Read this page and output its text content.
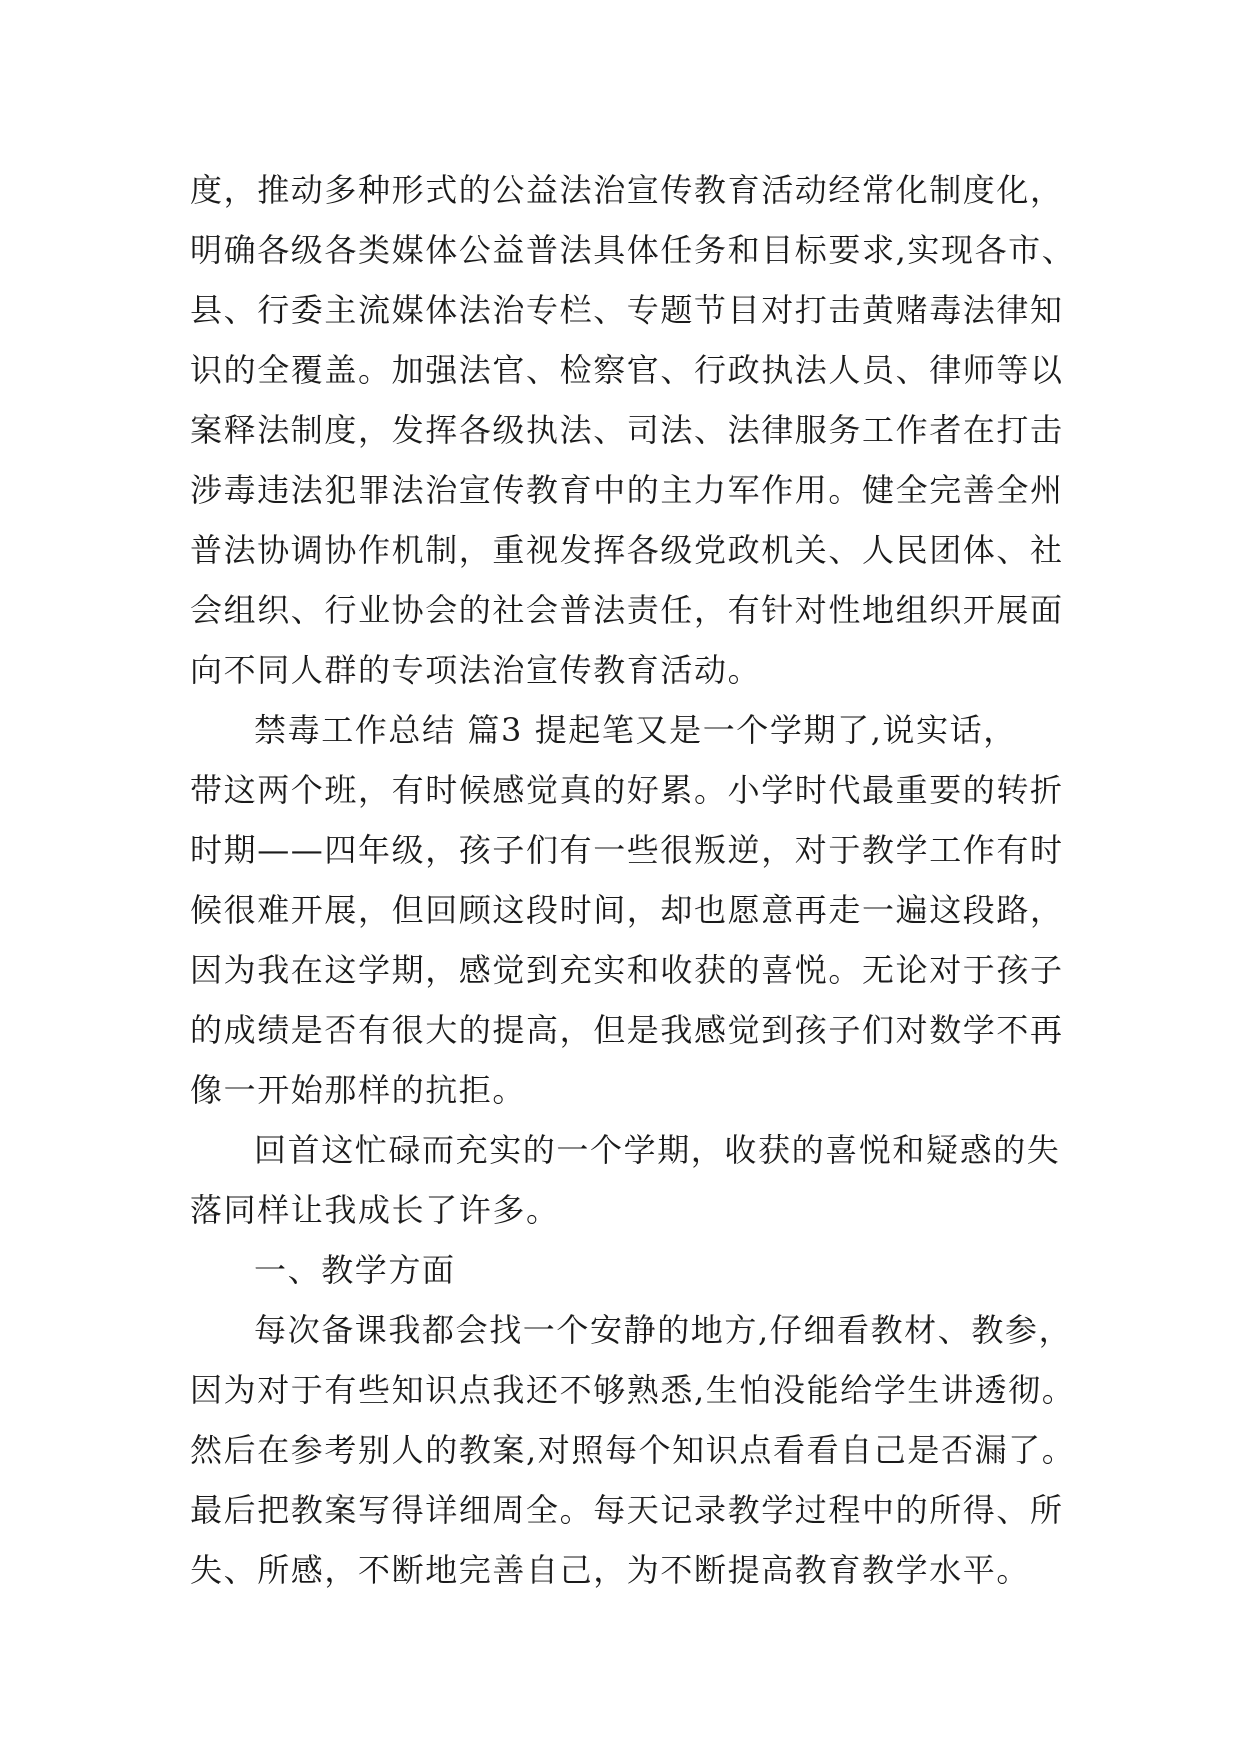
度，推动多种形式的公益法治宣传教育活动经常化制度化，
明确各级各类媒体公益普法具体任务和目标要求,实现各市、
县、行委主流媒体法治专栏、专题节目对打击黄赌毒法律知
识的全覆盖。加强法官、检察官、行政执法人员、律师等以
案释法制度，发挥各级执法、司法、法律服务工作者在打击
涉毒违法犯罪法治宣传教育中的主力军作用。健全完善全州
普法协调协作机制，重视发挥各级党政机关、人民团体、社
会组织、行业协会的社会普法责任，有针对性地组织开展面
向不同人群的专项法治宣传教育活动。
禁毒工作总结 篇3 提起笔又是一个学期了,说实话，
带这两个班，有时候感觉真的好累。小学时代最重要的转折
时期——四年级，孩子们有一些很叛逆，对于教学工作有时
候很难开展，但回顾这段时间，却也愿意再走一遍这段路，
因为我在这学期，感觉到充实和收获的喜悦。无论对于孩子
的成绩是否有很大的提高，但是我感觉到孩子们对数学不再
像一开始那样的抗拒。
回首这忙碌而充实的一个学期，收获的喜悦和疑惑的失
落同样让我成长了许多。
一、教学方面
每次备课我都会找一个安静的地方,仔细看教材、教参，
因为对于有些知识点我还不够熟悉,生怕没能给学生讲透彻。
然后在参考别人的教案,对照每个知识点看看自己是否漏了。
最后把教案写得详细周全。每天记录教学过程中的所得、所
失、所感，不断地完善自己，为不断提高教育教学水平。
